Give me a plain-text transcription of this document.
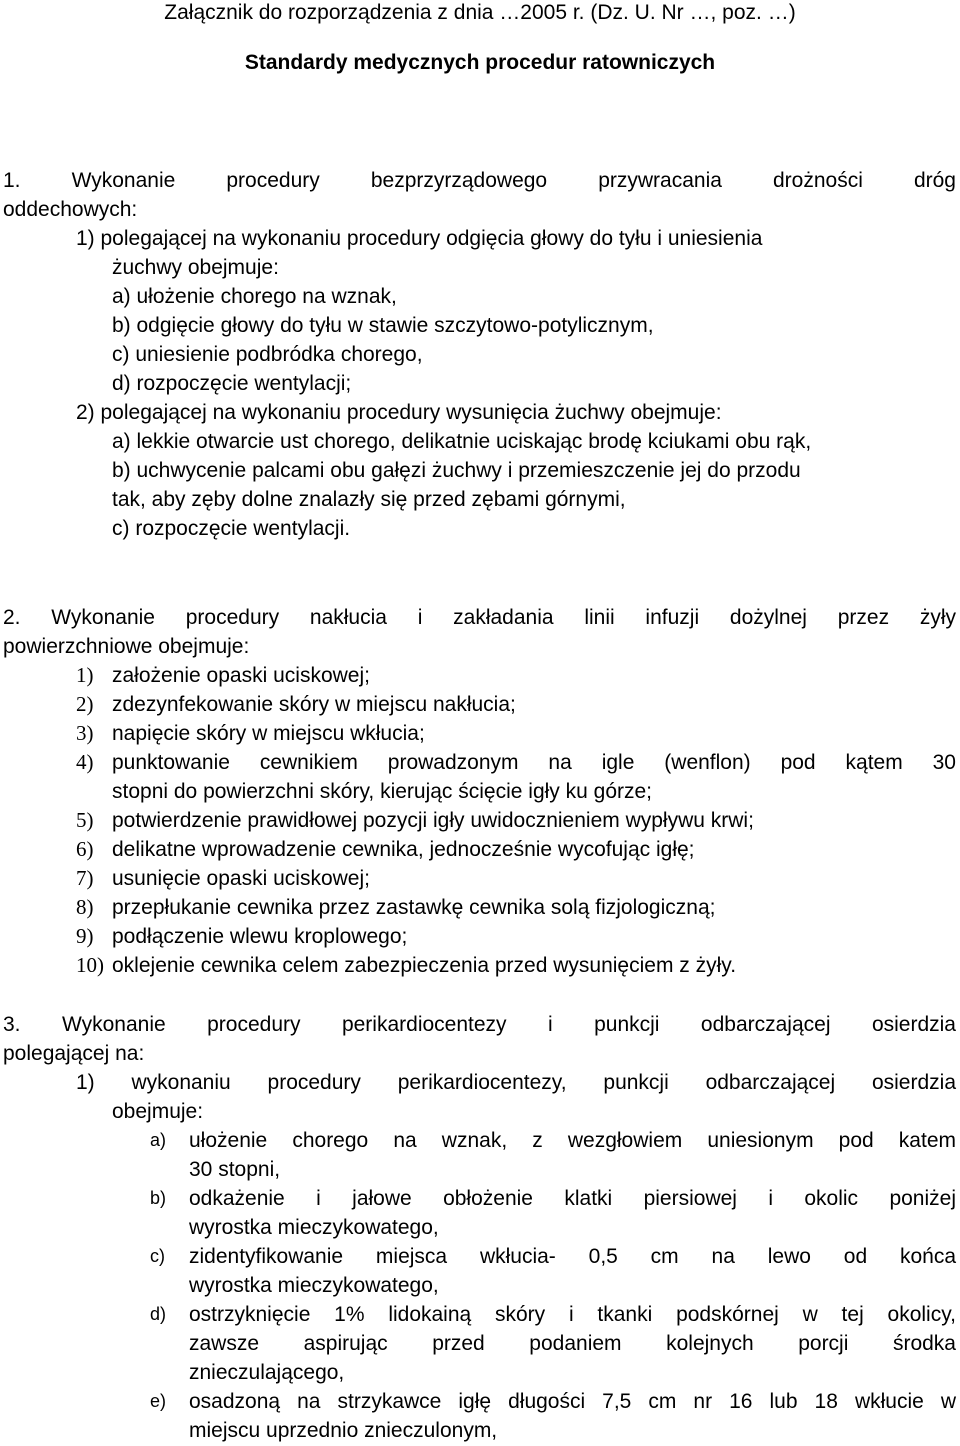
Załącznik do rozporządzenia z dnia …2005 r. (Dz. U. Nr …, poz. …)
Standardy medycznych procedur ratowniczych

1. Wykonanie procedury bezprzyrządowego przywracania drożności dróg

oddechowych:

1) polegającej na wykonaniu procedury odgięcia głowy do tyłu i uniesienia

żuchwy obejmuje:

a) ułożenie chorego na wznak,

b) odgięcie głowy do tyłu w stawie szczytowo-potylicznym,

c) uniesienie podbródka chorego,

d) rozpoczęcie wentylacji;

2) polegającej na wykonaniu procedury wysunięcia żuchwy obejmuje:

a) lekkie otwarcie ust chorego, delikatnie uciskając brodę kciukami obu rąk,

b) uchwycenie palcami obu gałęzi żuchwy i przemieszczenie jej do przodu

tak, aby zęby dolne znalazły się przed zębami górnymi,

c) rozpoczęcie wentylacji.

2. Wykonanie procedury nakłucia i zakładania linii infuzji dożylnej przez żyły

powierzchniowe obejmuje:

1) założenie opaski uciskowej;
2) zdezynfekowanie skóry w miejscu nakłucia;
3) napięcie skóry w miejscu wkłucia;
4) punktowanie cewnikiem prowadzonym na igle (wenflon) pod kątem 30
stopni do powierzchni skóry, kierując ścięcie igły ku górze;
5) potwierdzenie prawidłowej pozycji igły uwidocznieniem wypływu krwi;
6) delikatne wprowadzenie cewnika, jednocześnie wycofując igłę;
7) usunięcie opaski uciskowej;
8) przepłukanie cewnika przez zastawkę cewnika solą fizjologiczną;
9) podłączenie wlewu kroplowego;
10) oklejenie cewnika celem zabezpieczenia przed wysunięciem z żyły.

3. Wykonanie procedury perikardiocentezy i punkcji odbarczającej osierdzia

polegającej na:

1) wykonaniu procedury perikardiocentezy, punkcji odbarczającej osierdzia

obejmuje:

a) ułożenie chorego na wznak, z wezgłowiem uniesionym pod katem
30 stopni,
b) odkażenie i jałowe obłożenie klatki piersiowej i okolic poniżej
wyrostka mieczykowatego,
c) zidentyfikowanie miejsca wkłucia- 0,5 cm na lewo od końca
wyrostka mieczykowatego,
d) ostrzyknięcie 1% lidokainą skóry i tkanki podskórnej w tej okolicy,
zawsze aspirując przed podaniem kolejnych porcji środka
znieczulającego,
e) osadzoną na strzykawce igłę długości 7,5 cm nr 16 lub 18 wkłucie w
miejscu uprzednio znieczulonym,
